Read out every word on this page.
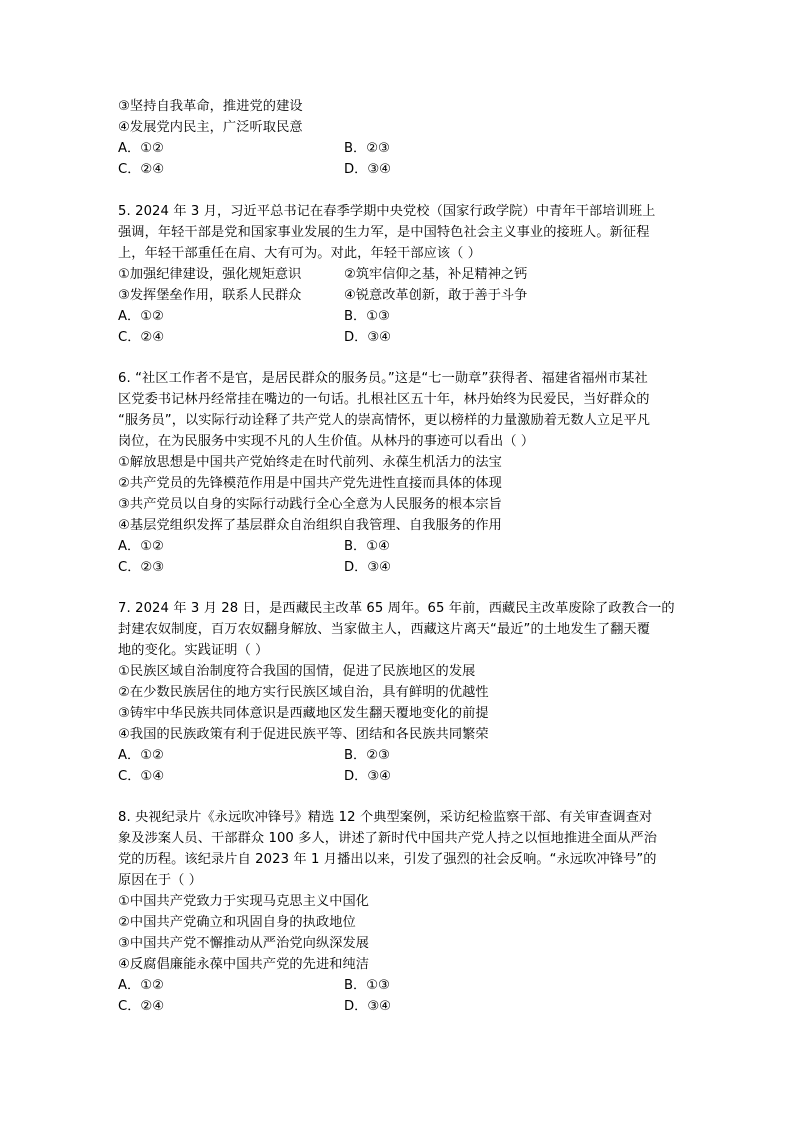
③坚持自我革命，推进党的建设
④发展党内民主，广泛听取民意
A．①②	B．②③
C．②④	D．③④
5. 2024 年 3 月，习近平总书记在春季学期中央党校（国家行政学院）中青年干部培训班上
强调，年轻干部是党和国家事业发展的生力军，是中国特色社会主义事业的接班人。新征程
上，年轻干部重任在肩、大有可为。对此，年轻干部应该（ ）
①加强纪律建设，强化规矩意识	②筑牢信仰之基，补足精神之钙
③发挥堡垒作用，联系人民群众	④锐意改革创新，敢于善于斗争
A．①②	B．①③
C．②④	D．③④
6. “社区工作者不是官，是居民群众的服务员。”这是“七一勋章”获得者、福建省福州市某社
区党委书记林丹经常挂在嘴边的一句话。扎根社区五十年，林丹始终为民爱民，当好群众的
“服务员”，以实际行动诠释了共产党人的崇高情怀，更以榜样的力量激励着无数人立足平凡
岗位，在为民服务中实现不凡的人生价值。从林丹的事迹可以看出（ ）
①解放思想是中国共产党始终走在时代前列、永葆生机活力的法宝
②共产党员的先锋模范作用是中国共产党先进性直接而具体的体现
③共产党员以自身的实际行动践行全心全意为人民服务的根本宗旨
④基层党组织发挥了基层群众自治组织自我管理、自我服务的作用
A．①②	B．①④
C．②③	D．③④
7. 2024 年 3 月 28 日，是西藏民主改革 65 周年。65 年前，西藏民主改革废除了政教合一的
封建农奴制度，百万农奴翻身解放、当家做主人，西藏这片离天“最近”的土地发生了翻天覆
地的变化。实践证明（ ）
①民族区域自治制度符合我国的国情，促进了民族地区的发展
②在少数民族居住的地方实行民族区域自治，具有鲜明的优越性
③铸牢中华民族共同体意识是西藏地区发生翻天覆地变化的前提
④我国的民族政策有利于促进民族平等、团结和各民族共同繁荣
A．①②	B．②③
C．①④	D．③④
8. 央视纪录片《永远吹冲锋号》精选 12 个典型案例，采访纪检监察干部、有关审查调查对
象及涉案人员、干部群众 100 多人，讲述了新时代中国共产党人持之以恒地推进全面从严治
党的历程。该纪录片自 2023 年 1 月播出以来，引发了强烈的社会反响。“永远吹冲锋号”的
原因在于（ ）
①中国共产党致力于实现马克思主义中国化
②中国共产党确立和巩固自身的执政地位
③中国共产党不懈推动从严治党向纵深发展
④反腐倡廉能永葆中国共产党的先进和纯洁
A．①②	B．①③
C．②④	D．③④
